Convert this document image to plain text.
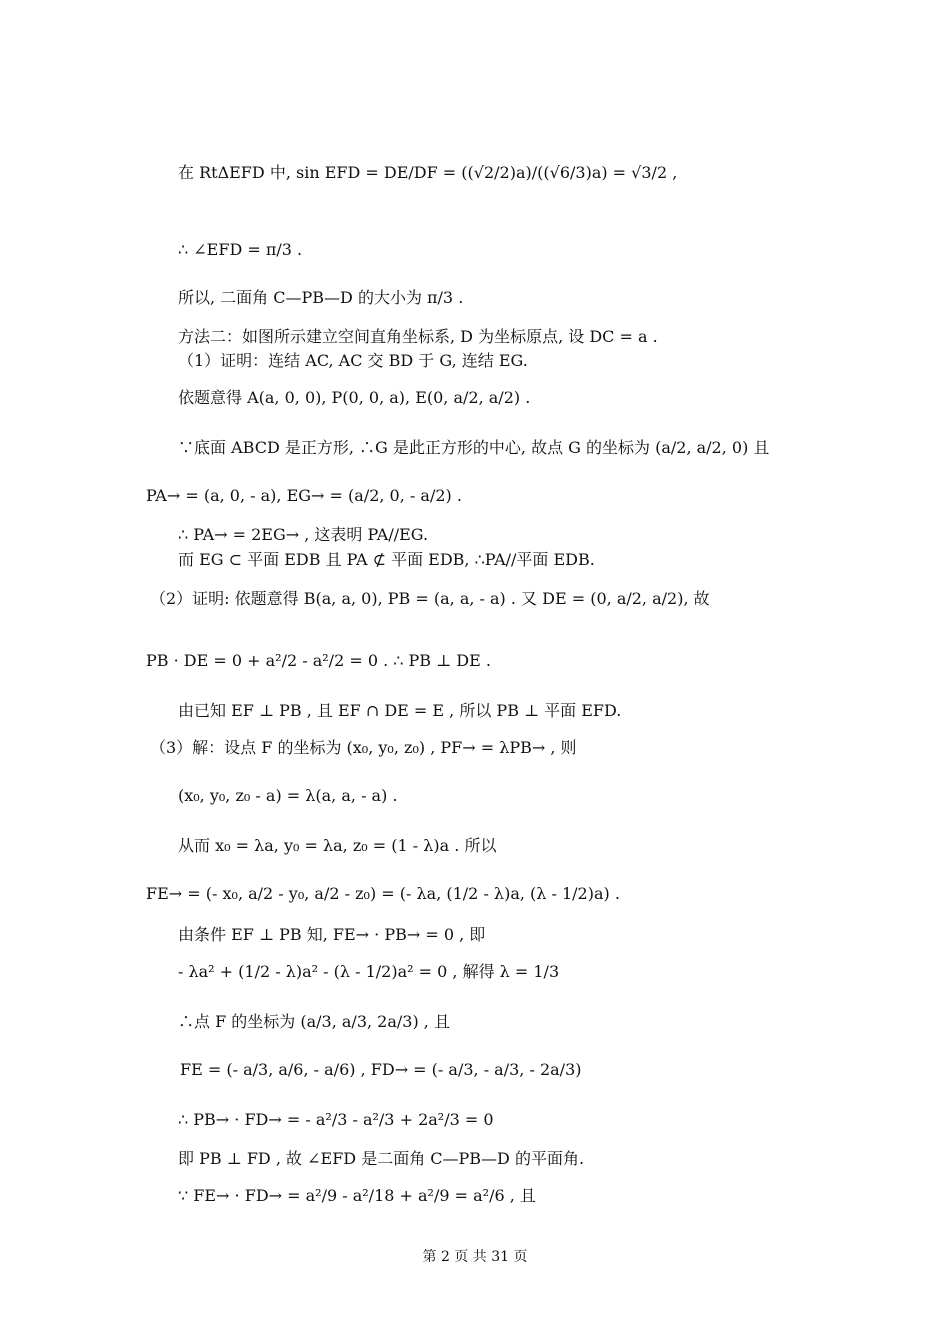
在 RtΔEFD 中, sin EFD = DE/DF = ((√2/2)a)/((√6/3)a) = √3/2 ,
∴ ∠EFD = π/3 .
所以, 二面角 C—PB—D 的大小为 π/3 .
方法二：如图所示建立空间直角坐标系, D 为坐标原点, 设 DC = a .
（1）证明：连结 AC, AC 交 BD 于 G, 连结 EG.
依题意得 A(a, 0, 0), P(0, 0, a), E(0, a/2, a/2) .
∵底面 ABCD 是正方形, ∴G 是此正方形的中心, 故点 G 的坐标为 (a/2, a/2, 0) 且
PA→ = (a, 0, - a), EG→ = (a/2, 0, - a/2) .
∴ PA→ = 2EG→ , 这表明 PA//EG.
而 EG ⊂ 平面 EDB 且 PA ⊄ 平面 EDB, ∴PA//平面 EDB.
（2）证明: 依题意得 B(a, a, 0), PB = (a, a, - a) . 又 DE = (0, a/2, a/2), 故
PB · DE = 0 + a²/2 - a²/2 = 0 . ∴ PB ⊥ DE .
由已知 EF ⊥ PB , 且 EF ∩ DE = E , 所以 PB ⊥ 平面 EFD.
（3）解：设点 F 的坐标为 (x₀, y₀, z₀) , PF→ = λPB→ , 则
(x₀, y₀, z₀ - a) = λ(a, a, - a) .
从而 x₀ = λa, y₀ = λa, z₀ = (1 - λ)a . 所以
FE→ = (- x₀, a/2 - y₀, a/2 - z₀) = (- λa, (1/2 - λ)a, (λ - 1/2)a) .
由条件 EF ⊥ PB 知, FE→ · PB→ = 0 , 即
- λa² + (1/2 - λ)a² - (λ - 1/2)a² = 0 , 解得 λ = 1/3
∴点 F 的坐标为 (a/3, a/3, 2a/3) , 且
FE = (- a/3, a/6, - a/6) , FD→ = (- a/3, - a/3, - 2a/3)
∴ PB→ · FD→ = - a²/3 - a²/3 + 2a²/3 = 0
即 PB ⊥ FD , 故 ∠EFD 是二面角 C—PB—D 的平面角.
∵ FE→ · FD→ = a²/9 - a²/18 + a²/9 = a²/6 , 且
第 2 页 共 31 页
